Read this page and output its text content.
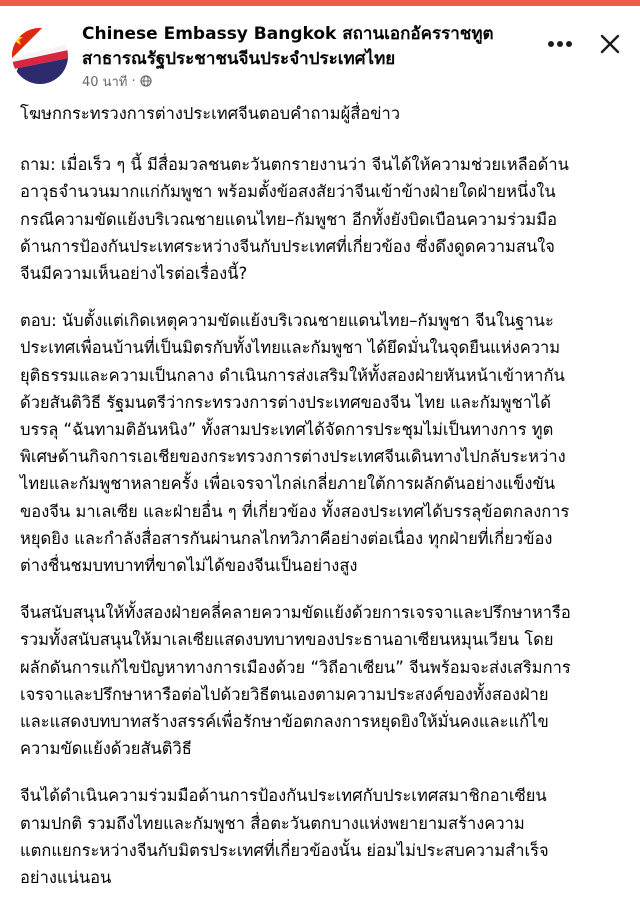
Chinese Embassy Bangkok สถานเอกอัครราชทูต
สาธารณรัฐประชาชนจีนประจำประเทศไทย
40 นาที ·

โฆษกกระทรวงการต่างประเทศจีนตอบคำถามผู้สื่อข่าว

ถาม: เมื่อเร็ว ๆ นี้ มีสื่อมวลชนตะวันตกรายงานว่า จีนได้ให้ความช่วยเหลือด้าน
อาวุธจำนวนมากแก่กัมพูชา พร้อมตั้งข้อสงสัยว่าจีนเข้าข้างฝ่ายใดฝ่ายหนึ่งใน
กรณีความขัดแย้งบริเวณชายแดนไทย–กัมพูชา อีกทั้งยังบิดเบือนความร่วมมือ
ด้านการป้องกันประเทศระหว่างจีนกับประเทศที่เกี่ยวข้อง ซึ่งดึงดูดความสนใจ
จีนมีความเห็นอย่างไรต่อเรื่องนี้?

ตอบ: นับตั้งแต่เกิดเหตุความขัดแย้งบริเวณชายแดนไทย–กัมพูชา จีนในฐานะ
ประเทศเพื่อนบ้านที่เป็นมิตรกับทั้งไทยและกัมพูชา ได้ยึดมั่นในจุดยืนแห่งความ
ยุติธรรมและความเป็นกลาง ดำเนินการส่งเสริมให้ทั้งสองฝ่ายหันหน้าเข้าหากัน
ด้วยสันติวิธี รัฐมนตรีว่ากระทรวงการต่างประเทศของจีน ไทย และกัมพูชาได้
บรรลุ “ฉันทามติอันหนิง” ทั้งสามประเทศได้จัดการประชุมไม่เป็นทางการ ทูต
พิเศษด้านกิจการเอเชียของกระทรวงการต่างประเทศจีนเดินทางไปกลับระหว่าง
ไทยและกัมพูชาหลายครั้ง เพื่อเจรจาไกล่เกลี่ยภายใต้การผลักดันอย่างแข็งขัน
ของจีน มาเลเซีย และฝ่ายอื่น ๆ ที่เกี่ยวข้อง ทั้งสองประเทศได้บรรลุข้อตกลงการ
หยุดยิง และกำลังสื่อสารกันผ่านกลไกทวิภาคีอย่างต่อเนื่อง ทุกฝ่ายที่เกี่ยวข้อง
ต่างชื่นชมบทบาทที่ขาดไม่ได้ของจีนเป็นอย่างสูง

จีนสนับสนุนให้ทั้งสองฝ่ายคลี่คลายความขัดแย้งด้วยการเจรจาและปรึกษาหารือ
รวมทั้งสนับสนุนให้มาเลเซียแสดงบทบาทของประธานอาเซียนหมุนเวียน โดย
ผลักดันการแก้ไขปัญหาทางการเมืองด้วย “วิถีอาเซียน” จีนพร้อมจะส่งเสริมการ
เจรจาและปรึกษาหารือต่อไปด้วยวิธีตนเองตามความประสงค์ของทั้งสองฝ่าย
และแสดงบทบาทสร้างสรรค์เพื่อรักษาข้อตกลงการหยุดยิงให้มั่นคงและแก้ไข
ความขัดแย้งด้วยสันติวิธี

จีนได้ดำเนินความร่วมมือด้านการป้องกันประเทศกับประเทศสมาชิกอาเซียน
ตามปกติ รวมถึงไทยและกัมพูชา สื่อตะวันตกบางแห่งพยายามสร้างความ
แตกแยกระหว่างจีนกับมิตรประเทศที่เกี่ยวข้องนั้น ย่อมไม่ประสบความสำเร็จ
อย่างแน่นอน
